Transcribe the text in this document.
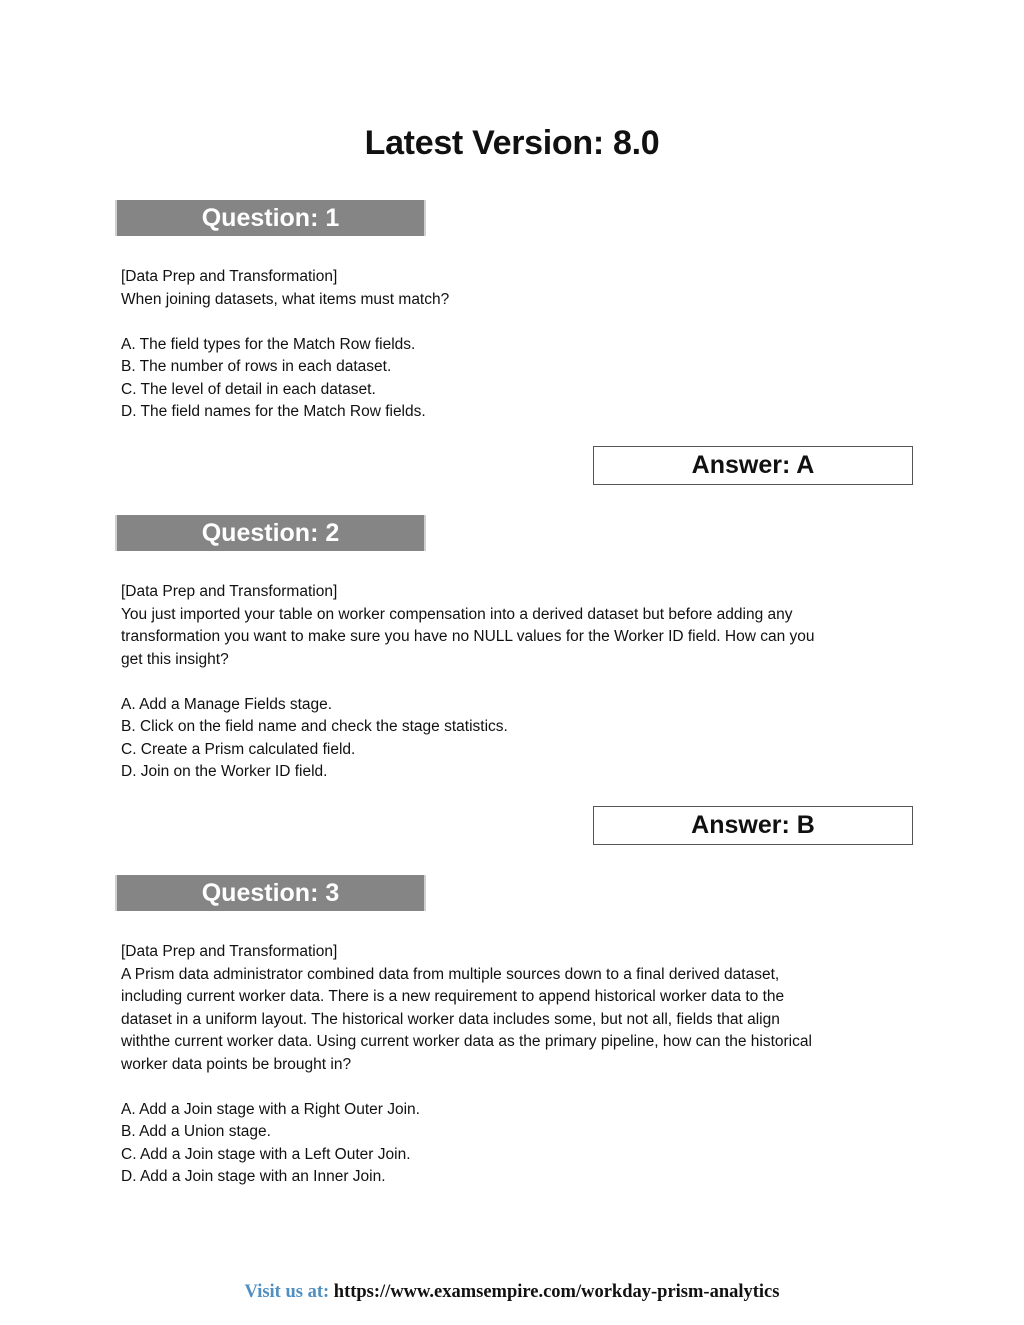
Latest Version: 8.0
Question: 1

[Data Prep and Transformation]

When joining datasets, what items must match?

A. The field types for the Match Row fields.

B. The number of rows in each dataset.

C. The level of detail in each dataset.

D. The field names for the Match Row fields.

Answer: A
Question: 2

[Data Prep and Transformation]

You just imported your table on worker compensation into a derived dataset but before adding any

transformation you want to make sure you have no NULL values for the Worker ID field. How can you

get this insight?

A. Add a Manage Fields stage.

B. Click on the field name and check the stage statistics.

C. Create a Prism calculated field.

D. Join on the Worker ID field.

Answer: B
Question: 3

[Data Prep and Transformation]

A Prism data administrator combined data from multiple sources down to a final derived dataset,

including current worker data. There is a new requirement to append historical worker data to the

dataset in a uniform layout. The historical worker data includes some, but not all, fields that align

withthe current worker data. Using current worker data as the primary pipeline, how can the historical

worker data points be brought in?

A. Add a Join stage with a Right Outer Join.

B. Add a Union stage.

C. Add a Join stage with a Left Outer Join.

D. Add a Join stage with an Inner Join.

Visit us at: https://www.examsempire.com/workday-prism-analytics
